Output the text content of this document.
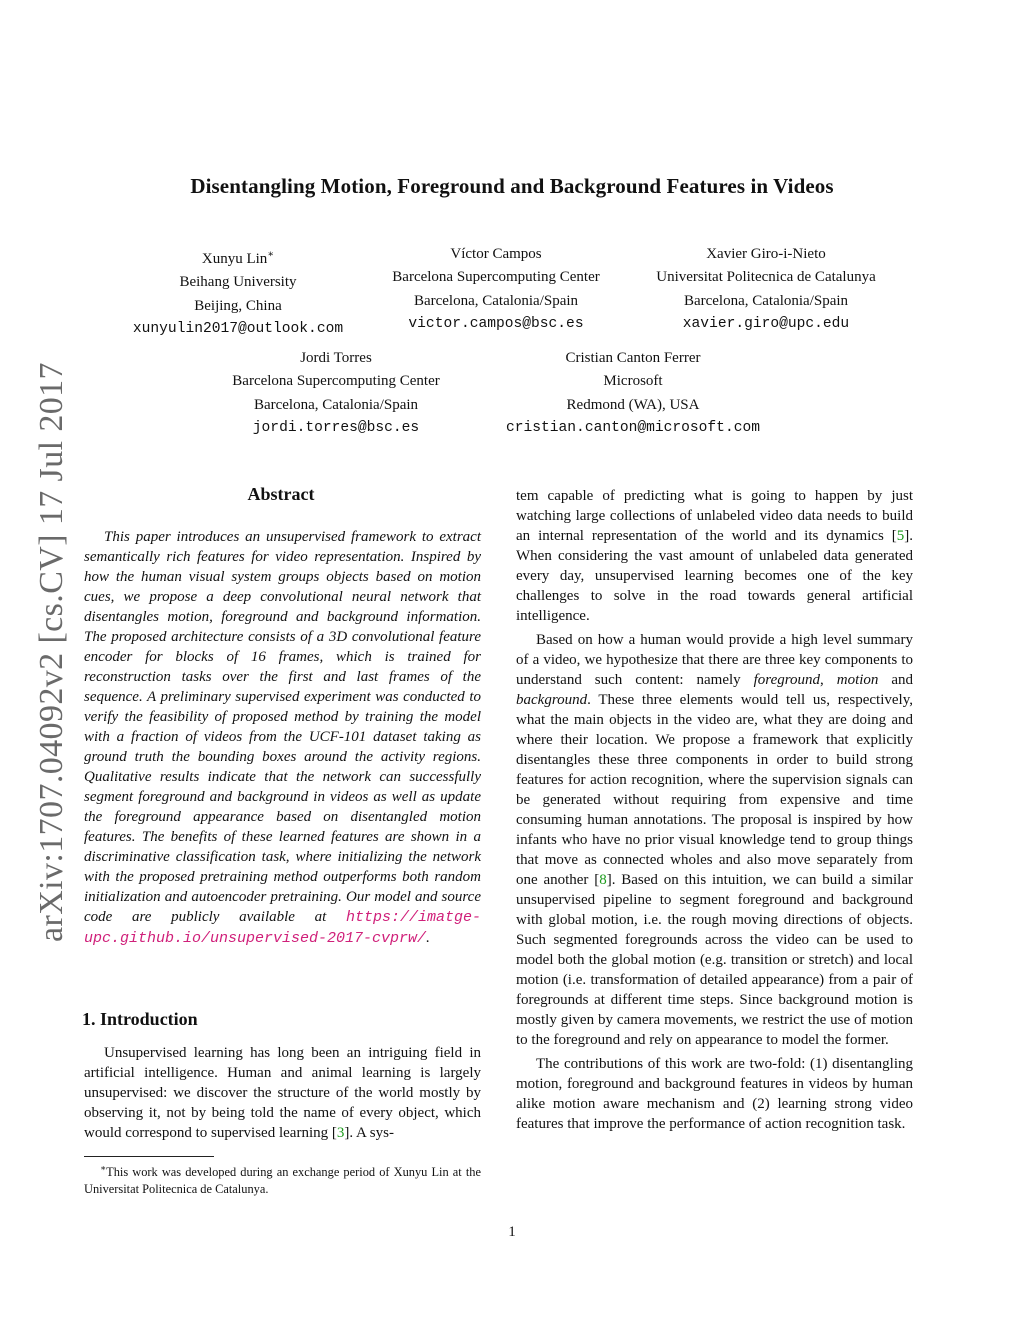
arXiv:1707.04092v2 [cs.CV] 17 Jul 2017
Disentangling Motion, Foreground and Background Features in Videos
Xunyu Lin∗
Beihang University
Beijing, China
xunyulin2017@outlook.com
Víctor Campos
Barcelona Supercomputing Center
Barcelona, Catalonia/Spain
victor.campos@bsc.es
Xavier Giro-i-Nieto
Universitat Politecnica de Catalunya
Barcelona, Catalonia/Spain
xavier.giro@upc.edu
Jordi Torres
Barcelona Supercomputing Center
Barcelona, Catalonia/Spain
jordi.torres@bsc.es
Cristian Canton Ferrer
Microsoft
Redmond (WA), USA
cristian.canton@microsoft.com
Abstract

This paper introduces an unsupervised framework to extract semantically rich features for video representation. Inspired by how the human visual system groups objects based on motion cues, we propose a deep convolutional neural network that disentangles motion, foreground and background information. The proposed architecture consists of a 3D convolutional feature encoder for blocks of 16 frames, which is trained for reconstruction tasks over the first and last frames of the sequence. A preliminary supervised experiment was conducted to verify the feasibility of proposed method by training the model with a fraction of videos from the UCF-101 dataset taking as ground truth the bounding boxes around the activity regions. Qualitative results indicate that the network can successfully segment foreground and background in videos as well as update the foreground appearance based on disentangled motion features. The benefits of these learned features are shown in a discriminative classification task, where initializing the network with the proposed pretraining method outperforms both random initialization and autoencoder pretraining. Our model and source code are publicly available at https://imatge-upc.github.io/unsupervised-2017-cvprw/.

1. Introduction

Unsupervised learning has long been an intriguing field in artificial intelligence. Human and animal learning is largely unsupervised: we discover the structure of the world mostly by observing it, not by being told the name of every object, which would correspond to supervised learning [3]. A sys-

∗This work was developed during an exchange period of Xunyu Lin at the Universitat Politecnica de Catalunya.

tem capable of predicting what is going to happen by just watching large collections of unlabeled video data needs to build an internal representation of the world and its dynamics [5]. When considering the vast amount of unlabeled data generated every day, unsupervised learning becomes one of the key challenges to solve in the road towards general artificial intelligence.

Based on how a human would provide a high level summary of a video, we hypothesize that there are three key components to understand such content: namely foreground, motion and background. These three elements would tell us, respectively, what the main objects in the video are, what they are doing and where their location. We propose a framework that explicitly disentangles these three components in order to build strong features for action recognition, where the supervision signals can be generated without requiring from expensive and time consuming human annotations. The proposal is inspired by how infants who have no prior visual knowledge tend to group things that move as connected wholes and also move separately from one another [8]. Based on this intuition, we can build a similar unsupervised pipeline to segment foreground and background with global motion, i.e. the rough moving directions of objects. Such segmented foregrounds across the video can be used to model both the global motion (e.g. transition or stretch) and local motion (i.e. transformation of detailed appearance) from a pair of foregrounds at different time steps. Since background motion is mostly given by camera movements, we restrict the use of motion to the foreground and rely on appearance to model the former.

The contributions of this work are two-fold: (1) disentangling motion, foreground and background features in videos by human alike motion aware mechanism and (2) learning strong video features that improve the performance of action recognition task.

1
